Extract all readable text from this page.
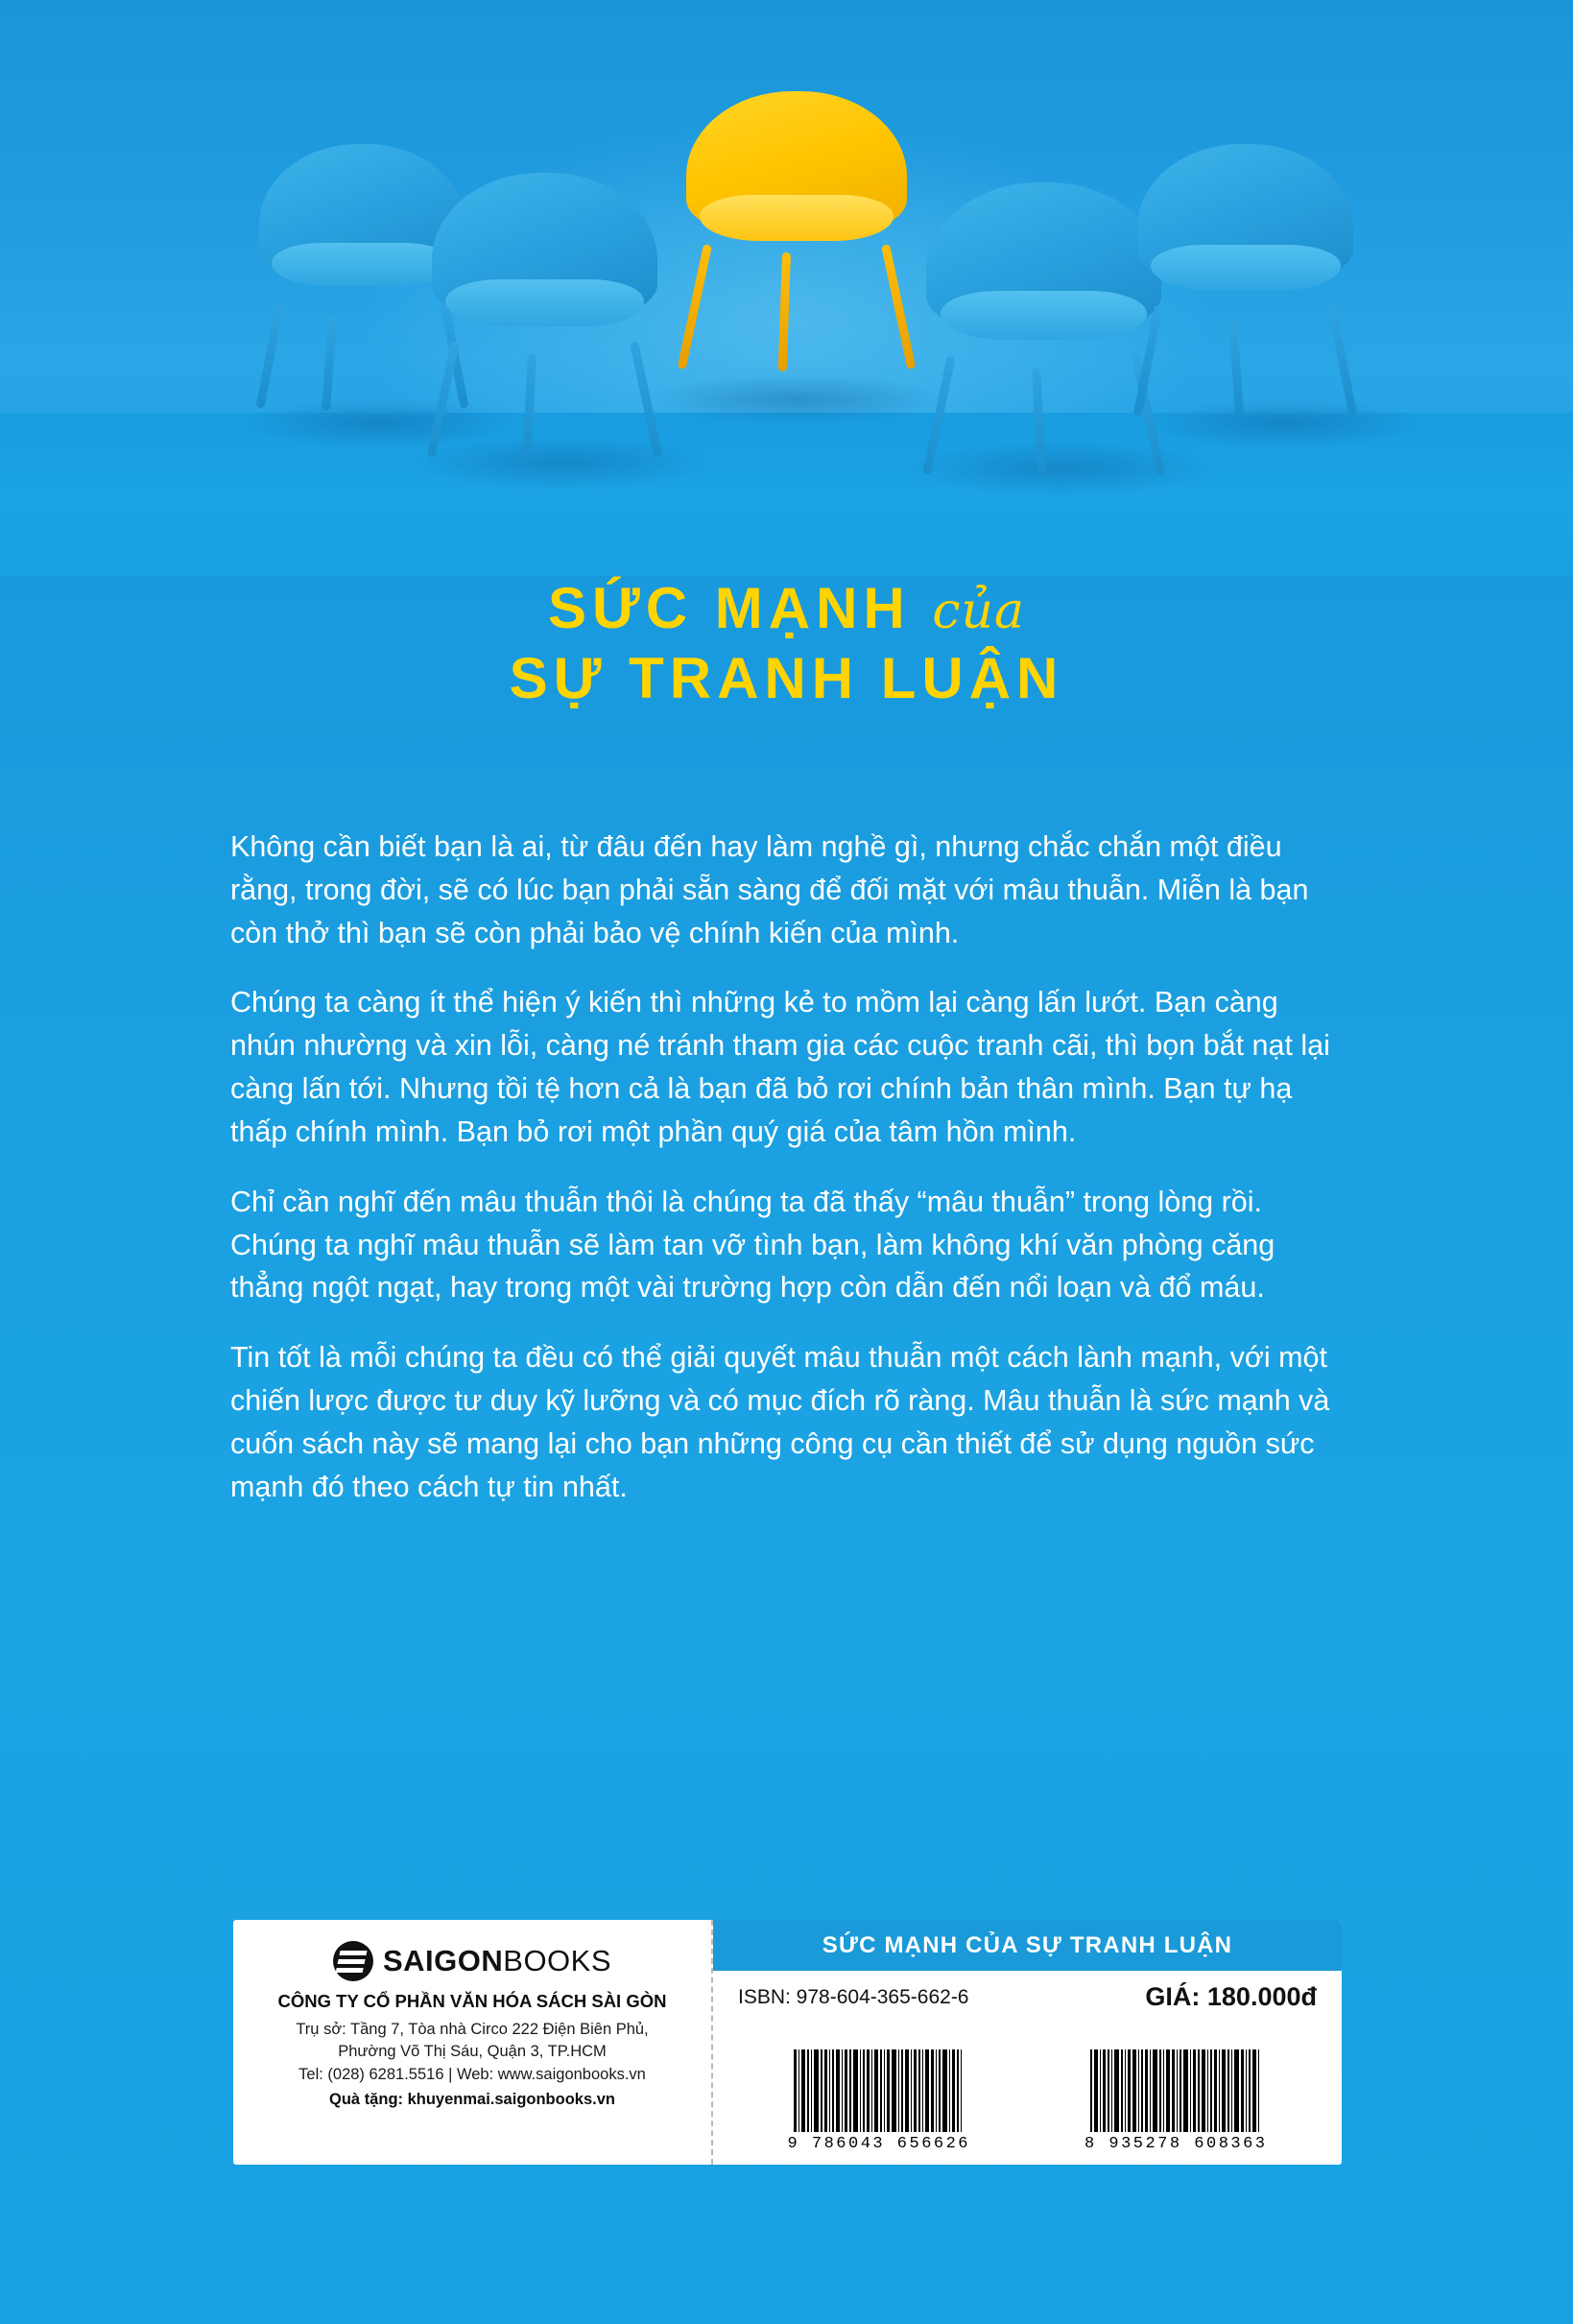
SỨC MẠNH của
SỰ TRANH LUẬN

Không cần biết bạn là ai, từ đâu đến hay làm nghề gì, nhưng chắc chắn một điều rằng, trong đời, sẽ có lúc bạn phải sẵn sàng để đối mặt với mâu thuẫn. Miễn là bạn còn thở thì bạn sẽ còn phải bảo vệ chính kiến của mình.

Chúng ta càng ít thể hiện ý kiến thì những kẻ to mồm lại càng lấn lướt. Bạn càng nhún nhường và xin lỗi, càng né tránh tham gia các cuộc tranh cãi, thì bọn bắt nạt lại càng lấn tới. Nhưng tồi tệ hơn cả là bạn đã bỏ rơi chính bản thân mình. Bạn tự hạ thấp chính mình. Bạn bỏ rơi một phần quý giá của tâm hồn mình.

Chỉ cần nghĩ đến mâu thuẫn thôi là chúng ta đã thấy “mâu thuẫn” trong lòng rồi. Chúng ta nghĩ mâu thuẫn sẽ làm tan vỡ tình bạn, làm không khí văn phòng căng thẳng ngột ngạt, hay trong một vài trường hợp còn dẫn đến nổi loạn và đổ máu.

Tin tốt là mỗi chúng ta đều có thể giải quyết mâu thuẫn một cách lành mạnh, với một chiến lược được tư duy kỹ lưỡng và có mục đích rõ ràng. Mâu thuẫn là sức mạnh và cuốn sách này sẽ mang lại cho bạn những công cụ cần thiết để sử dụng nguồn sức mạnh đó theo cách tự tin nhất.

SAIGONBOOKS
CÔNG TY CỔ PHẦN VĂN HÓA SÁCH SÀI GÒN
Trụ sở: Tầng 7, Tòa nhà Circo 222 Điện Biên Phủ,
Phường Võ Thị Sáu, Quận 3, TP.HCM
Tel: (028) 6281.5516 | Web: www.saigonbooks.vn
Quà tặng: khuyenmai.saigonbooks.vn
SỨC MẠNH CỦA SỰ TRANH LUẬN
ISBN: 978-604-365-662-6	GIÁ: 180.000đ
9 786043 656626	8 935278 608363
